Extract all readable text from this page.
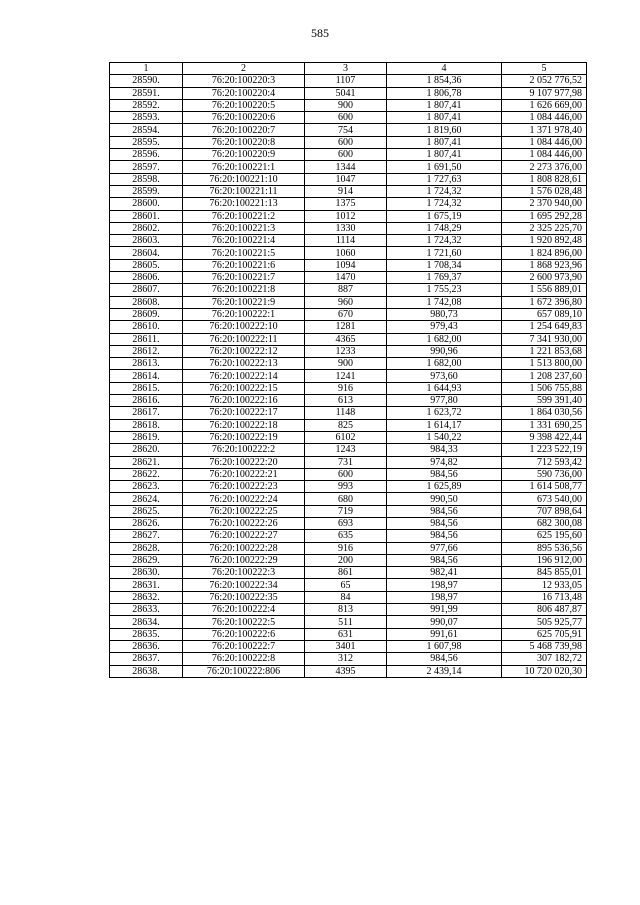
585
1	2	3	4	5
28590.	76:20:100220:3	1107	1 854,36	2 052 776,52
28591.	76:20:100220:4	5041	1 806,78	9 107 977,98
28592.	76:20:100220:5	900	1 807,41	1 626 669,00
28593.	76:20:100220:6	600	1 807,41	1 084 446,00
28594.	76:20:100220:7	754	1 819,60	1 371 978,40
28595.	76:20:100220:8	600	1 807,41	1 084 446,00
28596.	76:20:100220:9	600	1 807,41	1 084 446,00
28597.	76:20:100221:1	1344	1 691,50	2 273 376,00
28598.	76:20:100221:10	1047	1 727,63	1 808 828,61
28599.	76:20:100221:11	914	1 724,32	1 576 028,48
28600.	76:20:100221:13	1375	1 724,32	2 370 940,00
28601.	76:20:100221:2	1012	1 675,19	1 695 292,28
28602.	76:20:100221:3	1330	1 748,29	2 325 225,70
28603.	76:20:100221:4	1114	1 724,32	1 920 892,48
28604.	76:20:100221:5	1060	1 721,60	1 824 896,00
28605.	76:20:100221:6	1094	1 708,34	1 868 923,96
28606.	76:20:100221:7	1470	1 769,37	2 600 973,90
28607.	76:20:100221:8	887	1 755,23	1 556 889,01
28608.	76:20:100221:9	960	1 742,08	1 672 396,80
28609.	76:20:100222:1	670	980,73	657 089,10
28610.	76:20:100222:10	1281	979,43	1 254 649,83
28611.	76:20:100222:11	4365	1 682,00	7 341 930,00
28612.	76:20:100222:12	1233	990,96	1 221 853,68
28613.	76:20:100222:13	900	1 682,00	1 513 800,00
28614.	76:20:100222:14	1241	973,60	1 208 237,60
28615.	76:20:100222:15	916	1 644,93	1 506 755,88
28616.	76:20:100222:16	613	977,80	599 391,40
28617.	76:20:100222:17	1148	1 623,72	1 864 030,56
28618.	76:20:100222:18	825	1 614,17	1 331 690,25
28619.	76:20:100222:19	6102	1 540,22	9 398 422,44
28620.	76:20:100222:2	1243	984,33	1 223 522,19
28621.	76:20:100222:20	731	974,82	712 593,42
28622.	76:20:100222:21	600	984,56	590 736,00
28623.	76:20:100222:23	993	1 625,89	1 614 508,77
28624.	76:20:100222:24	680	990,50	673 540,00
28625.	76:20:100222:25	719	984,56	707 898,64
28626.	76:20:100222:26	693	984,56	682 300,08
28627.	76:20:100222:27	635	984,56	625 195,60
28628.	76:20:100222:28	916	977,66	895 536,56
28629.	76:20:100222:29	200	984,56	196 912,00
28630.	76:20:100222:3	861	982,41	845 855,01
28631.	76:20:100222:34	65	198,97	12 933,05
28632.	76:20:100222:35	84	198,97	16 713,48
28633.	76:20:100222:4	813	991,99	806 487,87
28634.	76:20:100222:5	511	990,07	505 925,77
28635.	76:20:100222:6	631	991,61	625 705,91
28636.	76:20:100222:7	3401	1 607,98	5 468 739,98
28637.	76:20:100222:8	312	984,56	307 182,72
28638.	76:20:100222:806	4395	2 439,14	10 720 020,30
